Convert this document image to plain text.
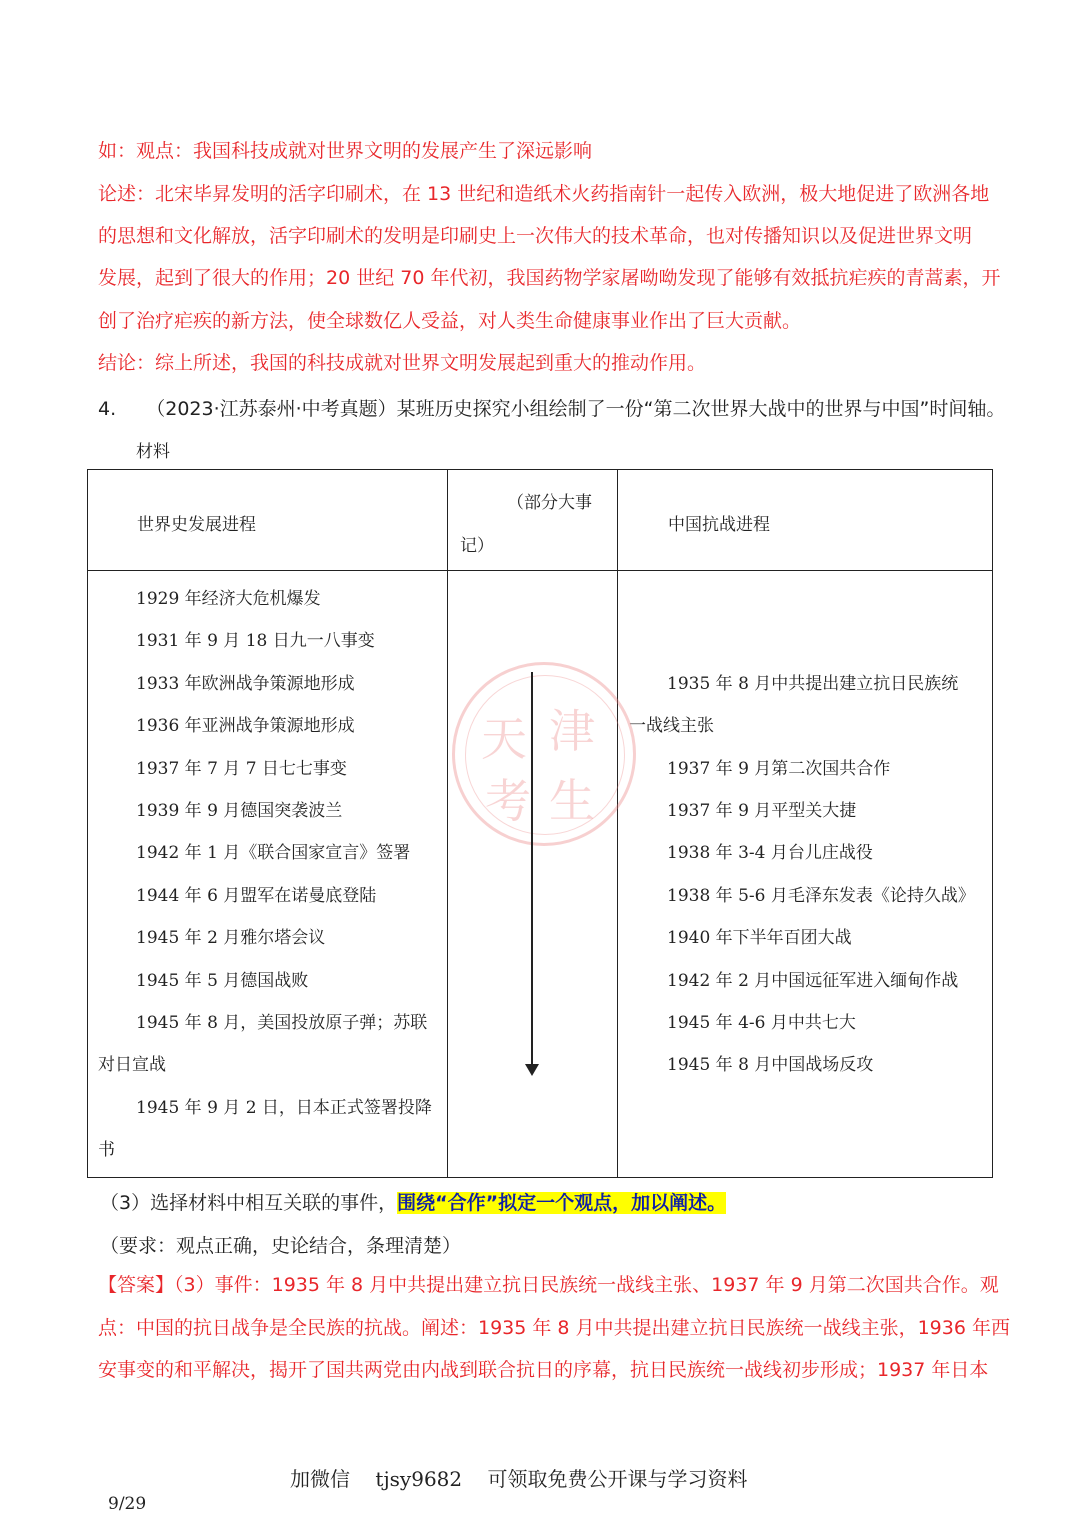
如：观点：我国科技成就对世界文明的发展产生了深远影响
论述：北宋毕昇发明的活字印刷术，在 13 世纪和造纸术火药指南针一起传入欧洲，极大地促进了欧洲各地
的思想和文化解放，活字印刷术的发明是印刷史上一次伟大的技术革命，也对传播知识以及促进世界文明
发展，起到了很大的作用；20 世纪 70 年代初，我国药物学家屠呦呦发现了能够有效抵抗疟疾的青蒿素，开
创了治疗疟疾的新方法，使全球数亿人受益，对人类生命健康事业作出了巨大贡献。
结论：综上所述，我国的科技成就对世界文明发展起到重大的推动作用。
4. （2023·江苏泰州·中考真题）某班历史探究小组绘制了一份“第二次世界大战中的世界与中国”时间轴。
材料
世界史发展进程
（部分大事
记）
中国抗战进程
1929 年经济大危机爆发
1931 年 9 月 18 日九一八事变
1933 年欧洲战争策源地形成
1936 年亚洲战争策源地形成
1937 年 7 月 7 日七七事变
1939 年 9 月德国突袭波兰
1942 年 1 月《联合国家宣言》签署
1944 年 6 月盟军在诺曼底登陆
1945 年 2 月雅尔塔会议
1945 年 5 月德国战败
1945 年 8 月，美国投放原子弹；苏联
对日宣战
1945 年 9 月 2 日，日本正式签署投降
书
1935 年 8 月中共提出建立抗日民族统
一战线主张
1937 年 9 月第二次国共合作
1937 年 9 月平型关大捷
1938 年 3-4 月台儿庄战役
1938 年 5-6 月毛泽东发表《论持久战》
1940 年下半年百团大战
1942 年 2 月中国远征军进入缅甸作战
1945 年 4-6 月中共七大
1945 年 8 月中国战场反攻
天 津
考 生
（3）选择材料中相互关联的事件，围绕“合作”拟定一个观点，加以阐述。
（要求：观点正确，史论结合，条理清楚）
【答案】（3）事件：1935 年 8 月中共提出建立抗日民族统一战线主张、1937 年 9 月第二次国共合作。观
点：中国的抗日战争是全民族的抗战。阐述：1935 年 8 月中共提出建立抗日民族统一战线主张，1936 年西
安事变的和平解决，揭开了国共两党由内战到联合抗日的序幕，抗日民族统一战线初步形成；1937 年日本
加微信    tjsy9682    可领取免费公开课与学习资料
9/29
